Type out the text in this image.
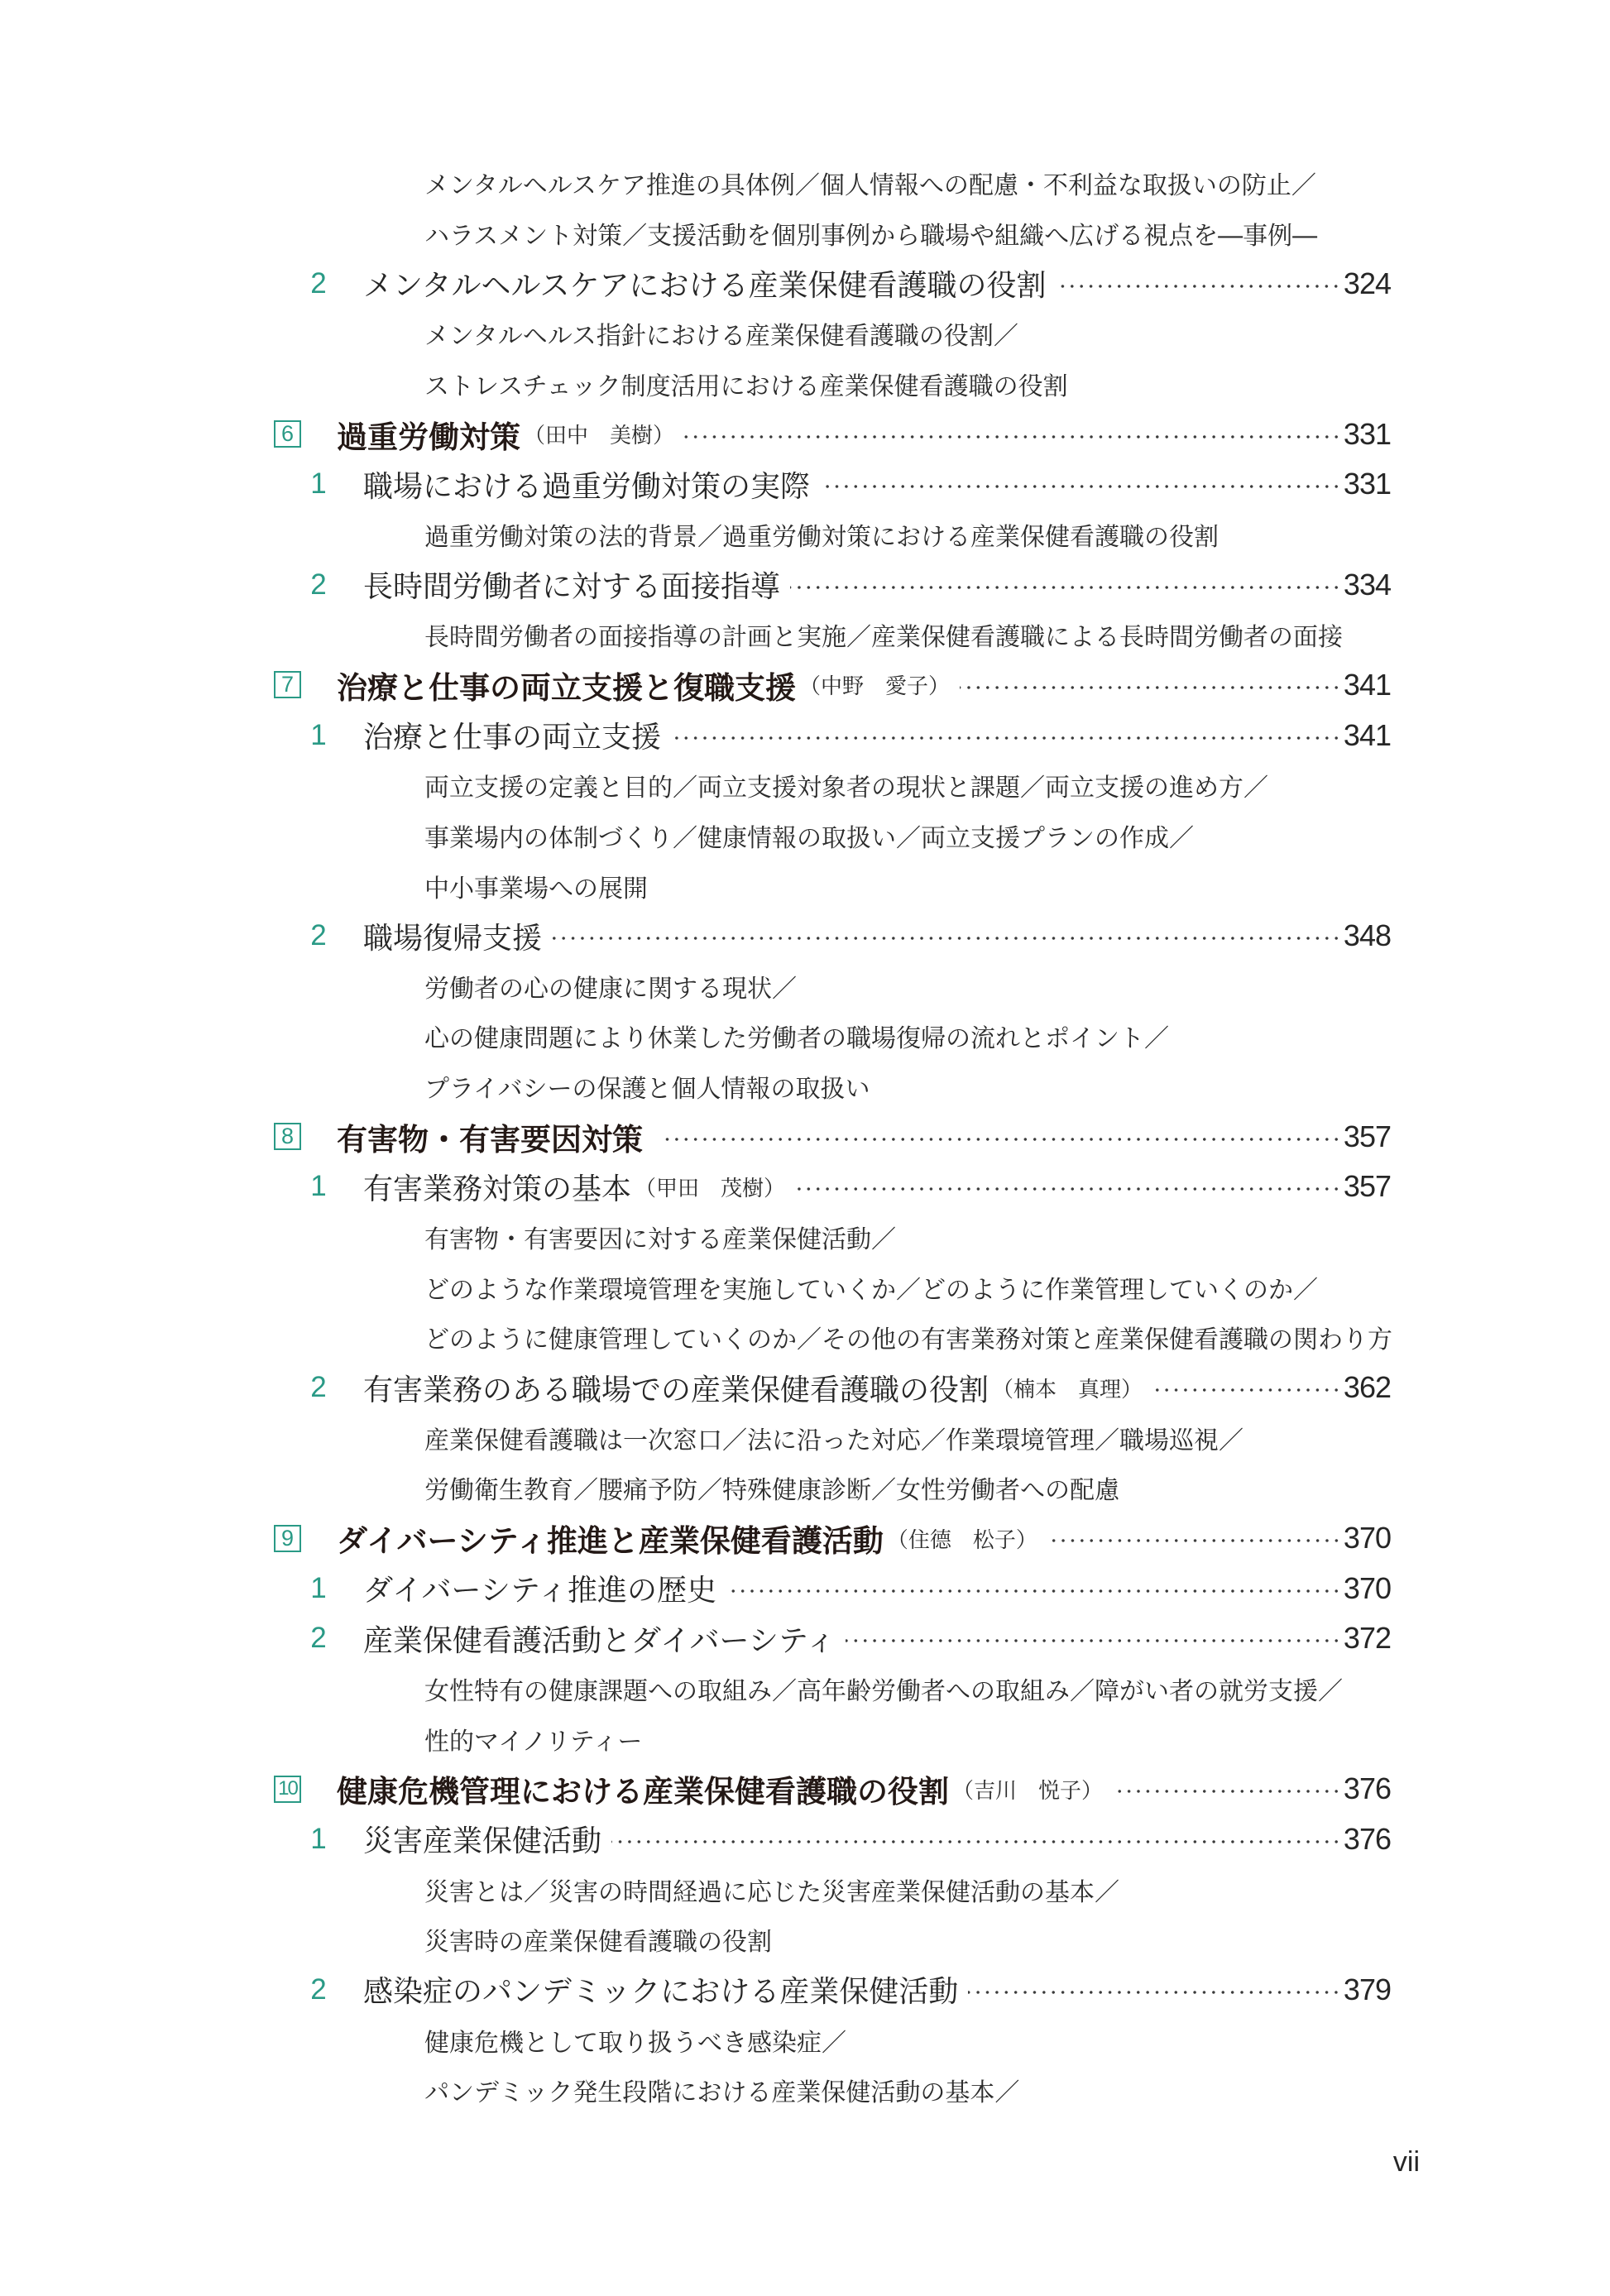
メンタルヘルスケア推進の具体例／個人情報への配慮・不利益な取扱いの防止／
ハラスメント対策／支援活動を個別事例から職場や組織へ広げる視点を―事例―
2 メンタルヘルスケアにおける産業保健看護職の役割	324
メンタルヘルス指針における産業保健看護職の役割／
ストレスチェック制度活用における産業保健看護職の役割
6 過重労働対策 （田中　美樹）	331
1 職場における過重労働対策の実際	331
過重労働対策の法的背景／過重労働対策における産業保健看護職の役割
2 長時間労働者に対する面接指導	334
長時間労働者の面接指導の計画と実施／産業保健看護職による長時間労働者の面接
7 治療と仕事の両立支援と復職支援 （中野　愛子）	341
1 治療と仕事の両立支援	341
両立支援の定義と目的／両立支援対象者の現状と課題／両立支援の進め方／
事業場内の体制づくり／健康情報の取扱い／両立支援プランの作成／
中小事業場への展開
2 職場復帰支援	348
労働者の心の健康に関する現状／
心の健康問題により休業した労働者の職場復帰の流れとポイント／
プライバシーの保護と個人情報の取扱い
8 有害物・有害要因対策	357
1 有害業務対策の基本 （甲田　茂樹）	357
有害物・有害要因に対する産業保健活動／
どのような作業環境管理を実施していくか／どのように作業管理していくのか／
どのように健康管理していくのか／その他の有害業務対策と産業保健看護職の関わり方
2 有害業務のある職場での産業保健看護職の役割 （楠本　真理）	362
産業保健看護職は一次窓口／法に沿った対応／作業環境管理／職場巡視／
労働衛生教育／腰痛予防／特殊健康診断／女性労働者への配慮
9 ダイバーシティ推進と産業保健看護活動 （住德　松子）	370
1 ダイバーシティ推進の歴史	370
2 産業保健看護活動とダイバーシティ	372
女性特有の健康課題への取組み／高年齢労働者への取組み／障がい者の就労支援／
性的マイノリティー
10 健康危機管理における産業保健看護職の役割 （吉川　悦子）	376
1 災害産業保健活動	376
災害とは／災害の時間経過に応じた災害産業保健活動の基本／
災害時の産業保健看護職の役割
2 感染症のパンデミックにおける産業保健活動	379
健康危機として取り扱うべき感染症／
パンデミック発生段階における産業保健活動の基本／
vii
